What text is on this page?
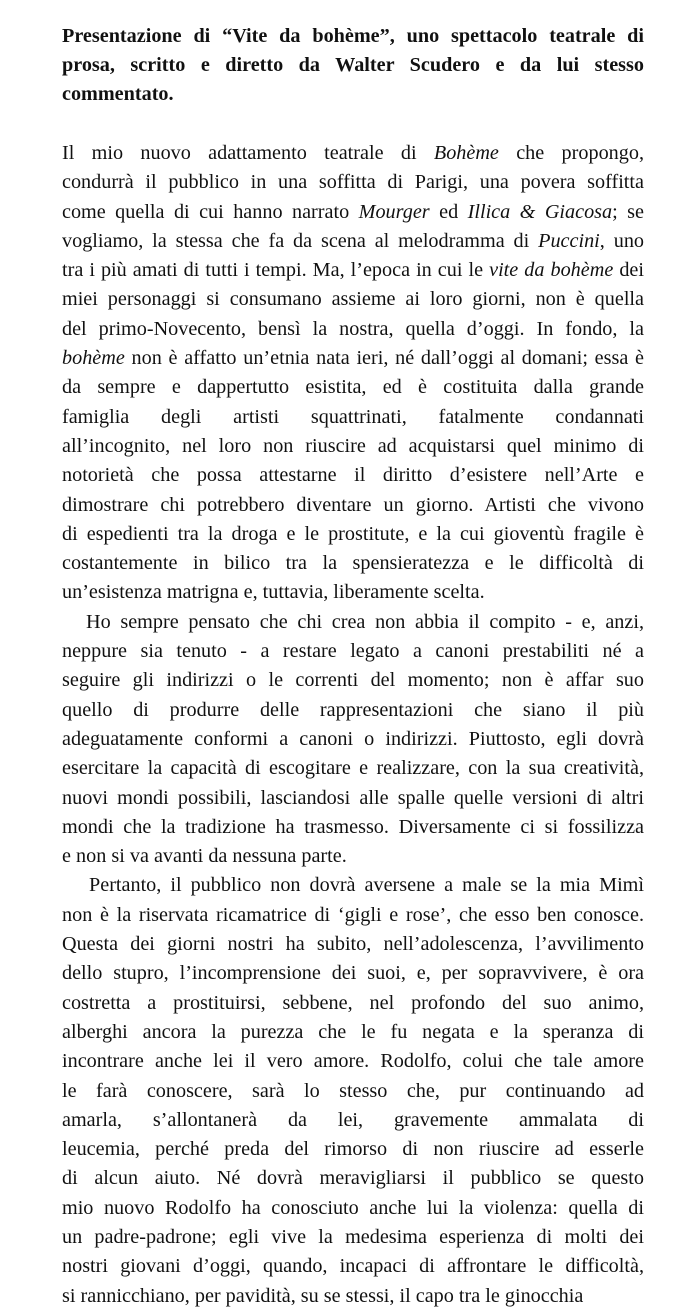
Presentazione di “Vite da bohème”, uno spettacolo teatrale di
prosa, scritto e diretto da Walter Scudero e da lui stesso
commentato.
Il mio nuovo adattamento teatrale di Bohème che propongo,
condurrà il pubblico in una soffitta di Parigi, una povera soffitta
come quella di cui hanno narrato Mourger ed Illica & Giacosa; se
vogliamo, la stessa che fa da scena al melodramma di Puccini, uno
tra i più amati di tutti i tempi. Ma, l’epoca in cui le vite da bohème dei
miei personaggi si consumano assieme ai loro giorni, non è quella
del primo-Novecento, bensì la nostra, quella d’oggi. In fondo, la
bohème non è affatto un’etnia nata ieri, né dall’oggi al domani; essa è
da sempre e dappertutto esistita, ed è costituita dalla grande
famiglia degli artisti squattrinati, fatalmente condannati
all’incognito, nel loro non riuscire ad acquistarsi quel minimo di
notorietà che possa attestarne il diritto d’esistere nell’Arte e
dimostrare chi potrebbero diventare un giorno. Artisti che vivono
di espedienti tra la droga e le prostitute, e la cui gioventù fragile è
costantemente in bilico tra la spensieratezza e le difficoltà di
un’esistenza matrigna e, tuttavia, liberamente scelta.
Ho sempre pensato che chi crea non abbia il compito - e, anzi,
neppure sia tenuto - a restare legato a canoni prestabiliti né a
seguire gli indirizzi o le correnti del momento; non è affar suo
quello di produrre delle rappresentazioni che siano il più
adeguatamente conformi a canoni o indirizzi. Piuttosto, egli dovrà
esercitare la capacità di escogitare e realizzare, con la sua creatività,
nuovi mondi possibili, lasciandosi alle spalle quelle versioni di altri
mondi che la tradizione ha trasmesso. Diversamente ci si fossilizza
e non si va avanti da nessuna parte.
Pertanto, il pubblico non dovrà aversene a male se la mia Mimì
non è la riservata ricamatrice di ‘gigli e rose’, che esso ben conosce.
Questa dei giorni nostri ha subito, nell’adolescenza, l’avvilimento
dello stupro, l’incomprensione dei suoi, e, per sopravvivere, è ora
costretta a prostituirsi, sebbene, nel profondo del suo animo,
alberghi ancora la purezza che le fu negata e la speranza di
incontrare anche lei il vero amore. Rodolfo, colui che tale amore
le farà conoscere, sarà lo stesso che, pur continuando ad
amarla, s’allontanerà da lei, gravemente ammalata di
leucemia, perché preda del rimorso di non riuscire ad esserle
di alcun aiuto. Né dovrà meravigliarsi il pubblico se questo
mio nuovo Rodolfo ha conosciuto anche lui la violenza: quella di
un padre-padrone; egli vive la medesima esperienza di molti dei
nostri giovani d’oggi, quando, incapaci di affrontare le difficoltà,
si rannicchiano, per pavidità, su se stessi, il capo tra le ginocchia
